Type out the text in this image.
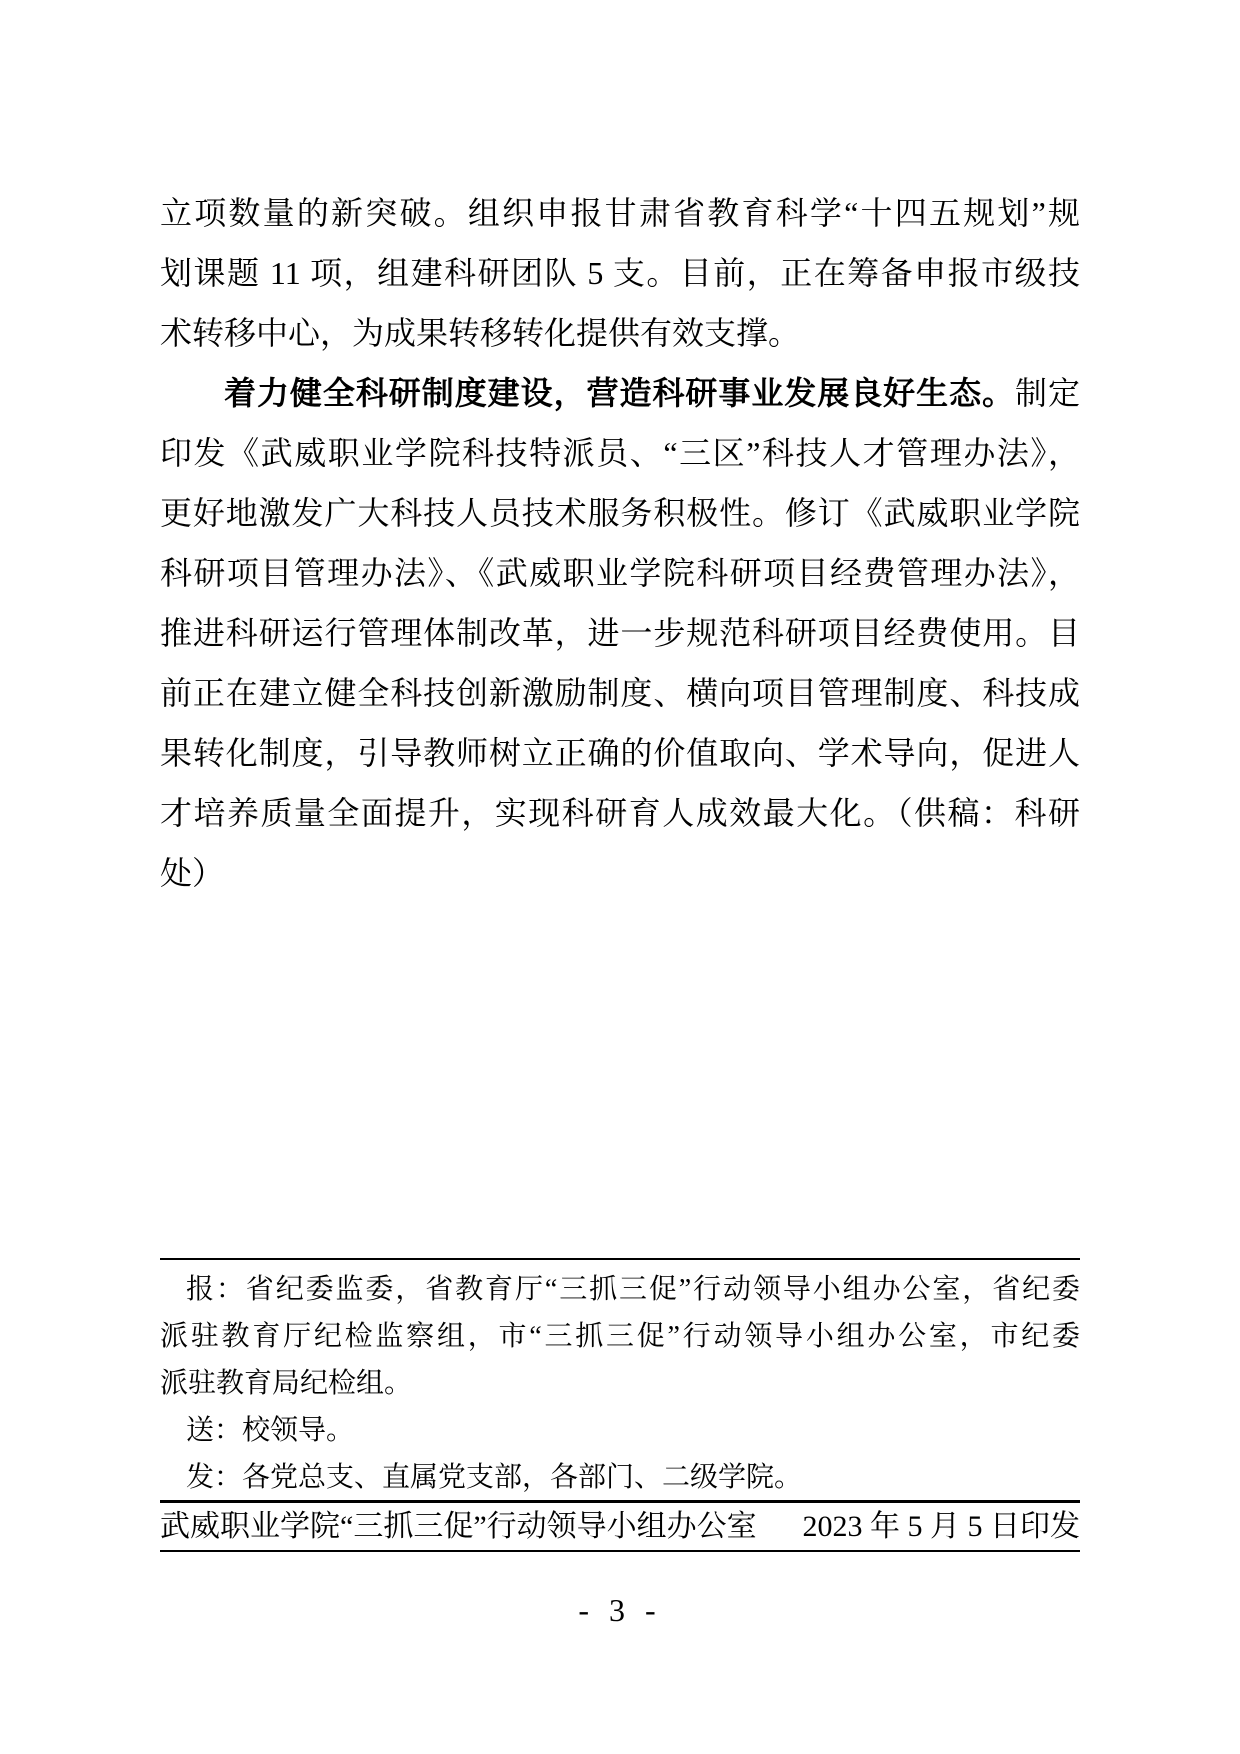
立项数量的新突破。组织申报甘肃省教育科学“十四五规划”规
划课题 11 项，组建科研团队 5 支。目前，正在筹备申报市级技
术转移中心，为成果转移转化提供有效支撑。
着力健全科研制度建设，营造科研事业发展良好生态。制定
印发《武威职业学院科技特派员、“三区”科技人才管理办法》，
更好地激发广大科技人员技术服务积极性。修订《武威职业学院
科研项目管理办法》、《武威职业学院科研项目经费管理办法》，
推进科研运行管理体制改革，进一步规范科研项目经费使用。目
前正在建立健全科技创新激励制度、横向项目管理制度、科技成
果转化制度，引导教师树立正确的价值取向、学术导向，促进人
才培养质量全面提升，实现科研育人成效最大化。（供稿：科研
处）
报：省纪委监委，省教育厅“三抓三促”行动领导小组办公室，省纪委
派驻教育厅纪检监察组，市“三抓三促”行动领导小组办公室，市纪委
派驻教育局纪检组。
送：校领导。
发：各党总支、直属党支部，各部门、二级学院。
武威职业学院“三抓三促”行动领导小组办公室 2023 年 5 月 5 日印发
- 3 -
